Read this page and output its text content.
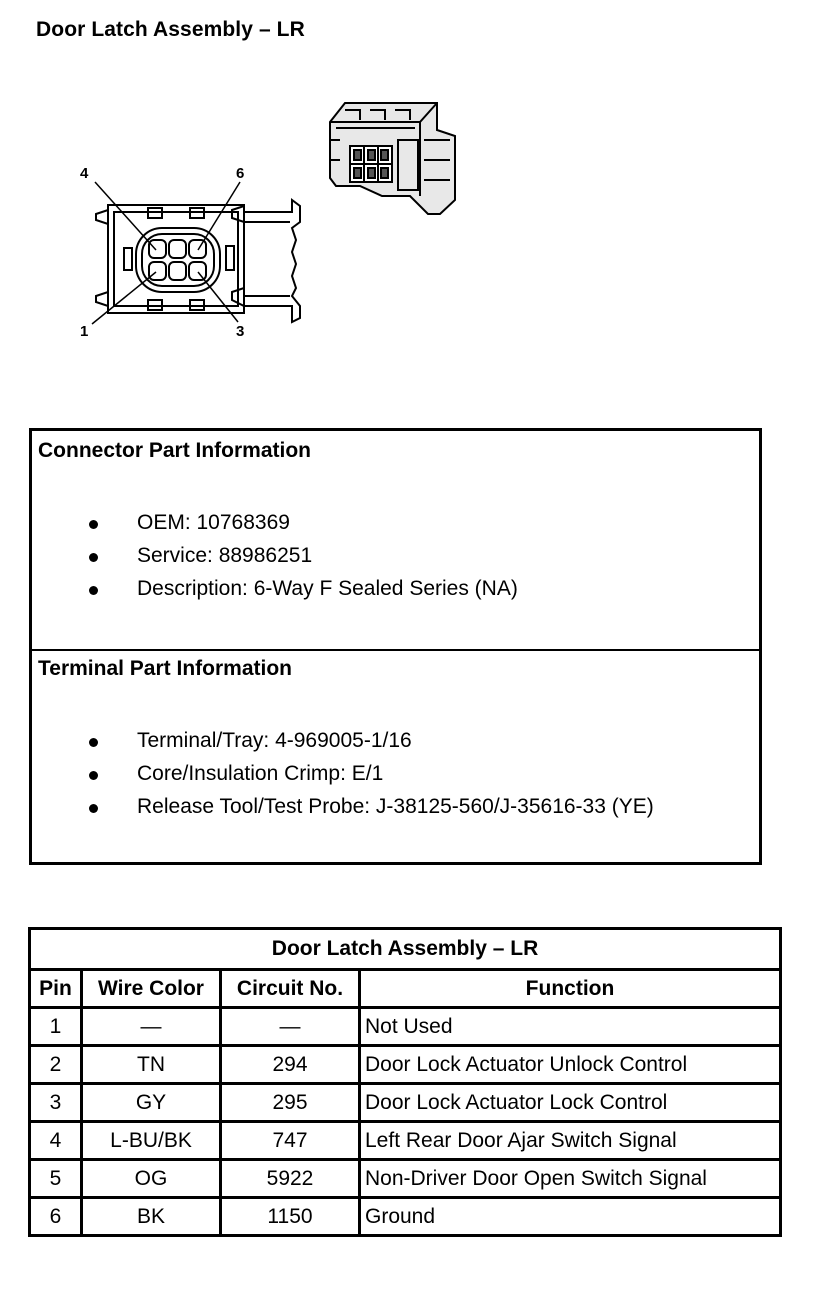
Door Latch Assembly – LR
4	6
1	3
Connector Part Information
OEM: 10768369
Service: 88986251
Description: 6-Way F Sealed Series (NA)
Terminal Part Information
Terminal/Tray: 4-969005-1/16
Core/Insulation Crimp: E/1
Release Tool/Test Probe: J-38125-560/J-35616-33 (YE)
Door Latch Assembly – LR			
Pin	Wire Color	Circuit No.	Function
1	—	—	Not Used
2	TN	294	Door Lock Actuator Unlock Control
3	GY	295	Door Lock Actuator Lock Control
4	L-BU/BK	747	Left Rear Door Ajar Switch Signal
5	OG	5922	Non-Driver Door Open Switch Signal
6	BK	1150	Ground
